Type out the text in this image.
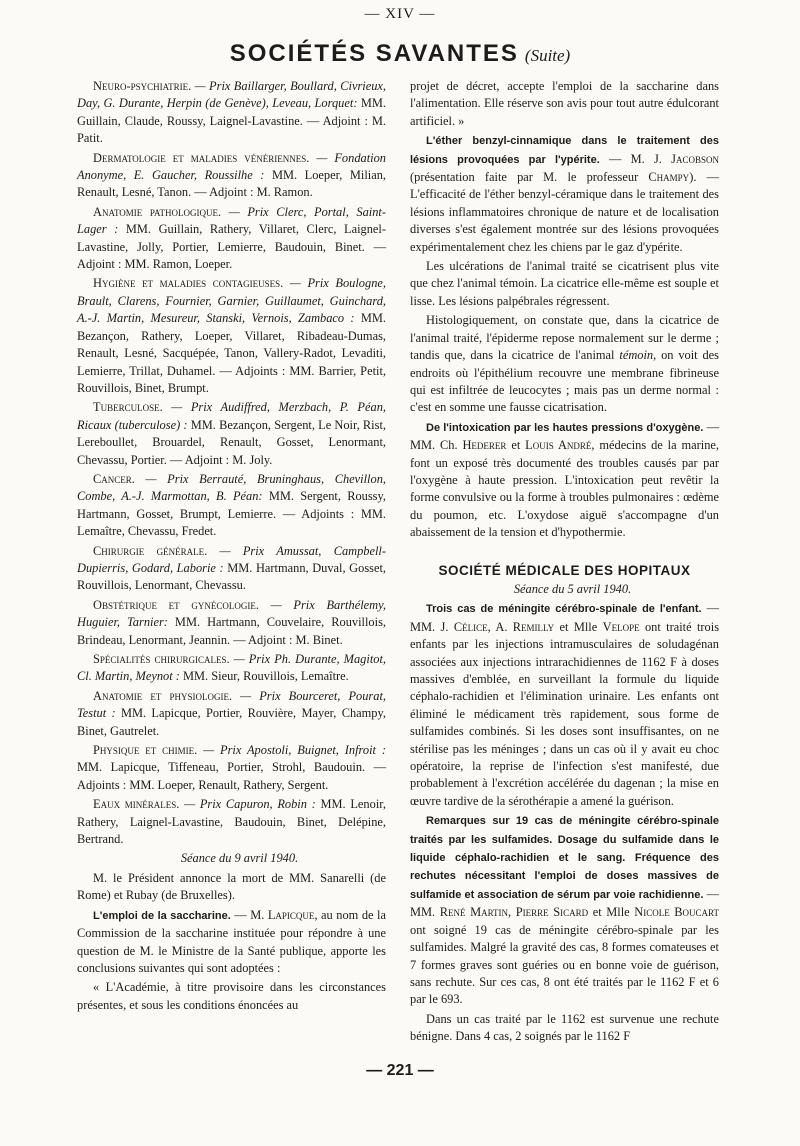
— XIV —
SOCIÉTÉS SAVANTES (Suite)

Neuro-psychiatrie. — Prix Baillarger, Boullard, Civrieux, Day, G. Durante, Herpin (de Genève), Leveau, Lorquet: MM. Guillain, Claude, Roussy, Laignel-Lavastine. — Adjoint : M. Patit.

Dermatologie et maladies vénériennes. — Fondation Anonyme, E. Gaucher, Roussilhe : MM. Loeper, Milian, Renault, Lesné, Tanon. — Adjoint : M. Ramon.

Anatomie pathologique. — Prix Clerc, Portal, Saint-Lager : MM. Guillain, Rathery, Villaret, Clerc, Laignel-Lavastine, Jolly, Portier, Lemierre, Baudouin, Binet. — Adjoint : MM. Ramon, Loeper.

Hygiène et maladies contagieuses. — Prix Boulogne, Brault, Clarens, Fournier, Garnier, Guillaumet, Guinchard, A.-J. Martin, Mesureur, Stanski, Vernois, Zambaco : MM. Bezançon, Rathery, Loeper, Villaret, Ribadeau-Dumas, Renault, Lesné, Sacquépée, Tanon, Vallery-Radot, Levaditi, Lemierre, Trillat, Duhamel. — Adjoints : MM. Barrier, Petit, Rouvillois, Binet, Brumpt.

Tuberculose. — Prix Audiffred, Merzbach, P. Péan, Ricaux (tuberculose) : MM. Bezançon, Sergent, Le Noir, Rist, Lereboullet, Brouardel, Renault, Gosset, Lenormant, Chevassu, Portier. — Adjoint : M. Joly.

Cancer. — Prix Berrauté, Bruninghaus, Chevillon, Combe, A.-J. Marmottan, B. Péan: MM. Sergent, Roussy, Hartmann, Gosset, Brumpt, Lemierre. — Adjoints : MM. Lemaître, Chevassu, Fredet.

Chirurgie générale. — Prix Amussat, Campbell-Dupierris, Godard, Laborie : MM. Hartmann, Duval, Gosset, Rouvillois, Lenormant, Chevassu.

Obstétrique et gynécologie. — Prix Barthélemy, Huguier, Tarnier: MM. Hartmann, Couvelaire, Rouvillois, Brindeau, Lenormant, Jeannin. — Adjoint : M. Binet.

Spécialités chirurgicales. — Prix Ph. Durante, Magitot, Cl. Martin, Meynot : MM. Sieur, Rouvillois, Lemaître.

Anatomie et physiologie. — Prix Bourceret, Pourat, Testut : MM. Lapicque, Portier, Rouvière, Mayer, Champy, Binet, Gautrelet.

Physique et chimie. — Prix Apostoli, Buignet, Infroit : MM. Lapicque, Tiffeneau, Portier, Strohl, Baudouin. — Adjoints : MM. Loeper, Renault, Rathery, Sergent.

Eaux minérales. — Prix Capuron, Robin : MM. Lenoir, Rathery, Laignel-Lavastine, Baudouin, Binet, Delépine, Bertrand.

Séance du 9 avril 1940.

M. le Président annonce la mort de MM. Sanarelli (de Rome) et Rubay (de Bruxelles).

L'emploi de la saccharine. — M. Lapicque, au nom de la Commission de la saccharine instituée pour répondre à une question de M. le Ministre de la Santé publique, apporte les conclusions suivantes qui sont adoptées :

« L'Académie, à titre provisoire dans les circonstances présentes, et sous les conditions énoncées au

projet de décret, accepte l'emploi de la saccharine dans l'alimentation. Elle réserve son avis pour tout autre édulcorant artificiel. »

L'éther benzyl-cinnamique dans le traitement des lésions provoquées par l'ypérite. — M. J. Jacobson (présentation faite par M. le professeur Champy). — L'efficacité de l'éther benzyl-céramique dans le traitement des lésions inflammatoires chronique de nature et de localisation diverses s'est également montrée sur des lésions provoquées expérimentalement chez les chiens par le gaz d'ypérite.

Les ulcérations de l'animal traité se cicatrisent plus vite que chez l'animal témoin. La cicatrice elle-même est souple et lisse. Les lésions palpébrales régressent.

Histologiquement, on constate que, dans la cicatrice de l'animal traité, l'épiderme repose normalement sur le derme ; tandis que, dans la cicatrice de l'animal témoin, on voit des endroits où l'épithélium recouvre une membrane fibrineuse qui est infiltrée de leucocytes ; mais pas un derme normal : c'est en somme une fausse cicatrisation.

De l'intoxication par les hautes pressions d'oxygène. — MM. Ch. Hederer et Louis André, médecins de la marine, font un exposé très documenté des troubles causés par par l'oxygène à haute pression. L'intoxication peut revêtir la forme convulsive ou la forme à troubles pulmonaires : œdème du poumon, etc. L'oxydose aiguë s'accompagne d'un abaissement de la tension et d'hypothermie.

SOCIÉTÉ MÉDICALE DES HOPITAUX

Séance du 5 avril 1940.

Trois cas de méningite cérébro-spinale de l'enfant. — MM. J. Célice, A. Remilly et Mlle Velope ont traité trois enfants par les injections intramusculaires de soludagénan associées aux injections intrarachidiennes de 1162 F à doses massives d'emblée, en surveillant la formule du liquide céphalo-rachidien et l'élimination urinaire. Les enfants ont éliminé le médicament très rapidement, sous forme de sulfamides combinés. Si les doses sont insuffisantes, on ne stérilise pas les méninges ; dans un cas où il y avait eu choc opératoire, la reprise de l'infection s'est manifesté, due probablement à l'excrétion accélérée du dagenan ; la mise en œuvre tardive de la sérothérapie a amené la guérison.

Remarques sur 19 cas de méningite cérébro-spinale traités par les sulfamides. Dosage du sulfamide dans le liquide céphalo-rachidien et le sang. Fréquence des rechutes nécessitant l'emploi de doses massives de sulfamide et association de sérum par voie rachidienne. — MM. René Martin, Pierre Sicard et Mlle Nicole Boucart ont soigné 19 cas de méningite cérébro-spinale par les sulfamides. Malgré la gravité des cas, 8 formes comateuses et 7 formes graves sont guéries ou en bonne voie de guérison, sans rechute. Sur ces cas, 8 ont été traités par le 1162 F et 6 par le 693.

Dans un cas traité par le 1162 est survenue une rechute bénigne. Dans 4 cas, 2 soignés par le 1162 F

— 221 —
